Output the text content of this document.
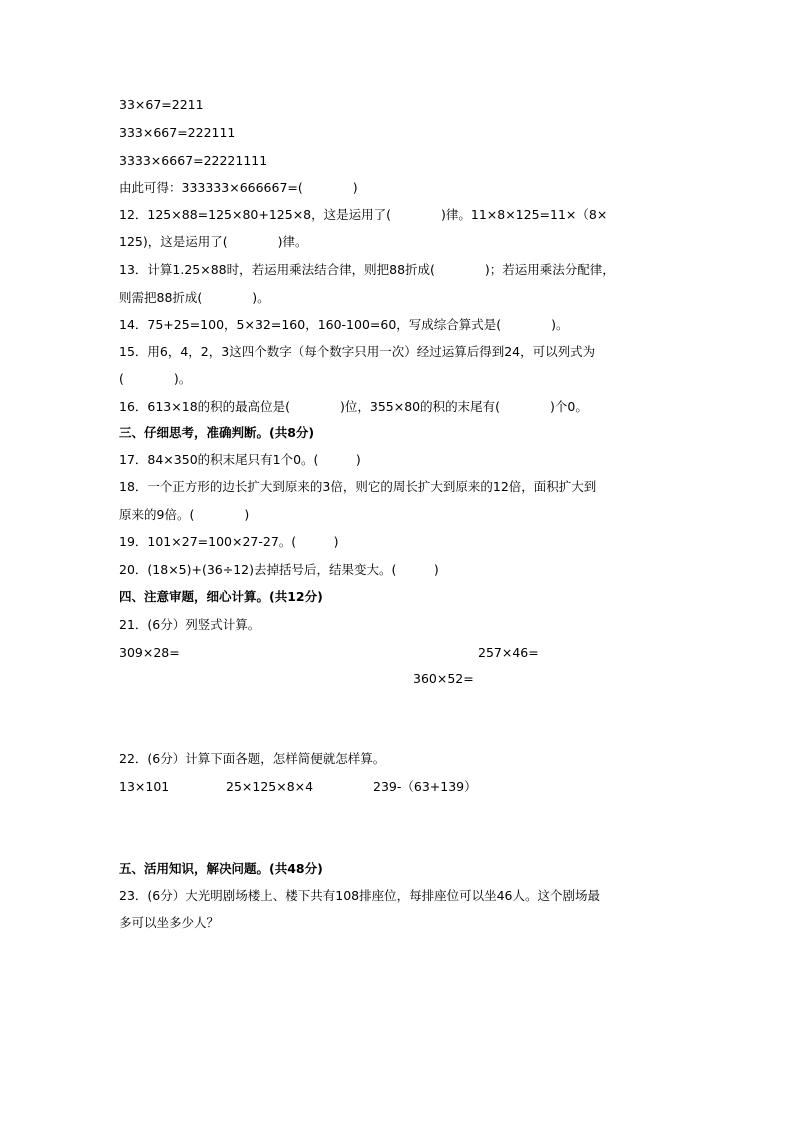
33×67=2211
333×667=222111
3333×6667=22221111
由此可得：333333×666667=(　　　　)
12．125×88=125×80+125×8，这是运用了(　　　　)律。11×8×125=11×（8×
125)，这是运用了(　　　　)律。
13．计算1.25×88时，若运用乘法结合律，则把88折成(　　　　)；若运用乘法分配律，
则需把88折成(　　　　)。
14．75+25=100，5×32=160，160-100=60，写成综合算式是(　　　　)。
15．用6，4，2，3这四个数字（每个数字只用一次）经过运算后得到24，可以列式为
(　　　　)。
16．613×18的积的最高位是(　　　　)位，355×80的积的末尾有(　　　　)个0。
三、仔细思考，准确判断。(共8分)
17．84×350的积末尾只有1个0。(　　　)
18．一个正方形的边长扩大到原来的3倍，则它的周长扩大到原来的12倍，面积扩大到
原来的9倍。(　　　　)
19．101×27=100×27-27。(　　　)
20．(18×5)+(36÷12)去掉括号后，结果变大。(　　　)
四、注意审题，细心计算。(共12分)
21．(6分）列竖式计算。
309×28=	257×46=
360×52=
22．(6分）计算下面各题，怎样简便就怎样算。
13×101	25×125×8×4	239-（63+139）
五、活用知识，解决问题。(共48分)
23．(6分）大光明剧场楼上、楼下共有108排座位，每排座位可以坐46人。这个剧场最
多可以坐多少人？
